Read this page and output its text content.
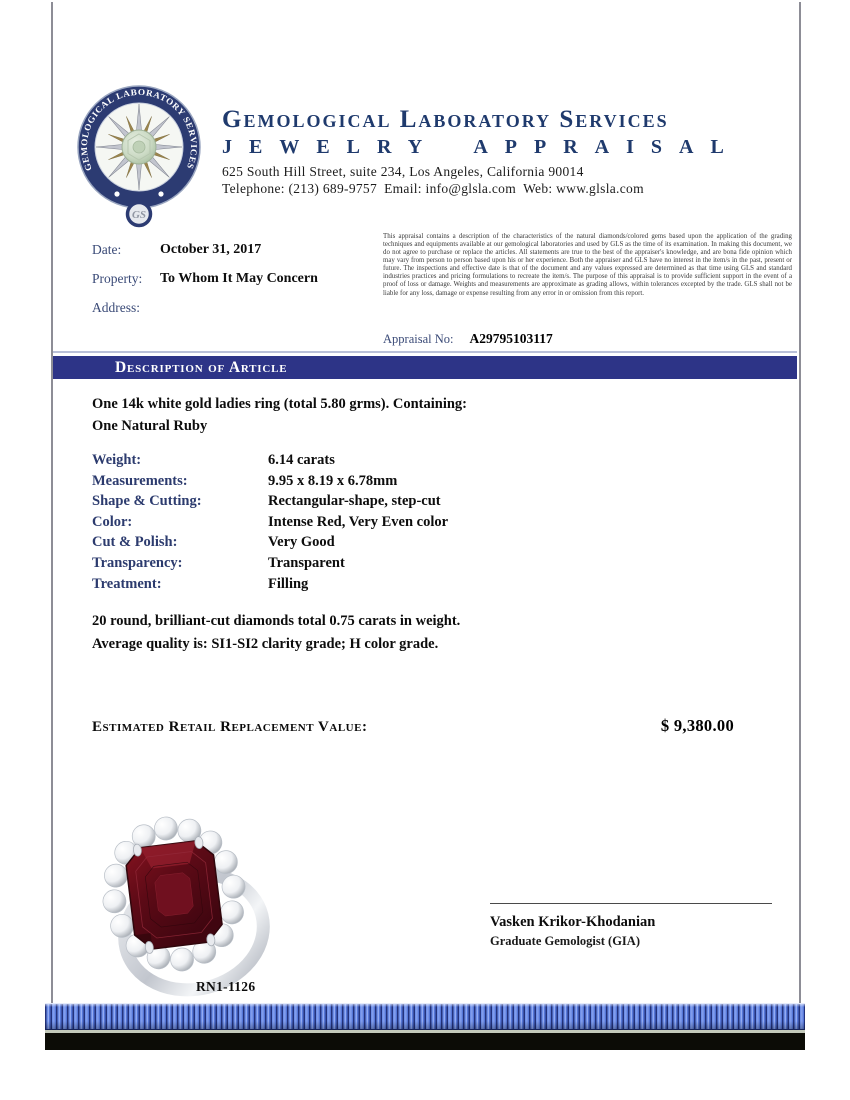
GEMOLOGICAL LABORATORY SERVICES
GS
Gemological Laboratory Services
JEWELRY APPRAISAL
625 South Hill Street, suite 234, Los Angeles, California 90014
Telephone: (213) 689-9757 Email: info@glsla.com Web: www.glsla.com
Date:	October 31, 2017
Property:	To Whom It May Concern
Address:
This appraisal contains a description of the characteristics of the natural diamonds/colored gems based upon the application of the grading techniques and equipments available at our gemological laboratories and used by GLS as the time of its examination. In making this document, we do not agree to purchase or replace the articles. All statements are true to the best of the appraiser's knowledge, and are bona fide opinion which may vary from person to person based upon his or her experience. Both the appraiser and GLS have no interest in the item/s in the past, present or future. The inspections and effective date is that of the document and any values expressed are determined as that time using GLS and standard industries practices and pricing formulations to recreate the item/s. The purpose of this appraisal is to provide sufficient support in the event of a proof of loss or damage. Weights and measurements are approximate as grading allows, within tolerances excepted by the trade. GLS shall not be liable for any loss, damage or expense resulting from any error in or omission from this report.
Appraisal No: A29795103117
Description of Article
One 14k white gold ladies ring (total 5.80 grms). Containing:
One Natural Ruby
Weight:	6.14 carats
Measurements:	9.95 x 8.19 x 6.78mm
Shape & Cutting:	Rectangular-shape, step-cut
Color:	Intense Red, Very Even color
Cut & Polish:	Very Good
Transparency:	Transparent
Treatment:	Filling
20 round, brilliant-cut diamonds total 0.75 carats in weight.
Average quality is: SI1-SI2 clarity grade; H color grade.
Estimated Retail Replacement Value:	$ 9,380.00
RN1-1126
Vasken Krikor-Khodanian
Graduate Gemologist (GIA)
